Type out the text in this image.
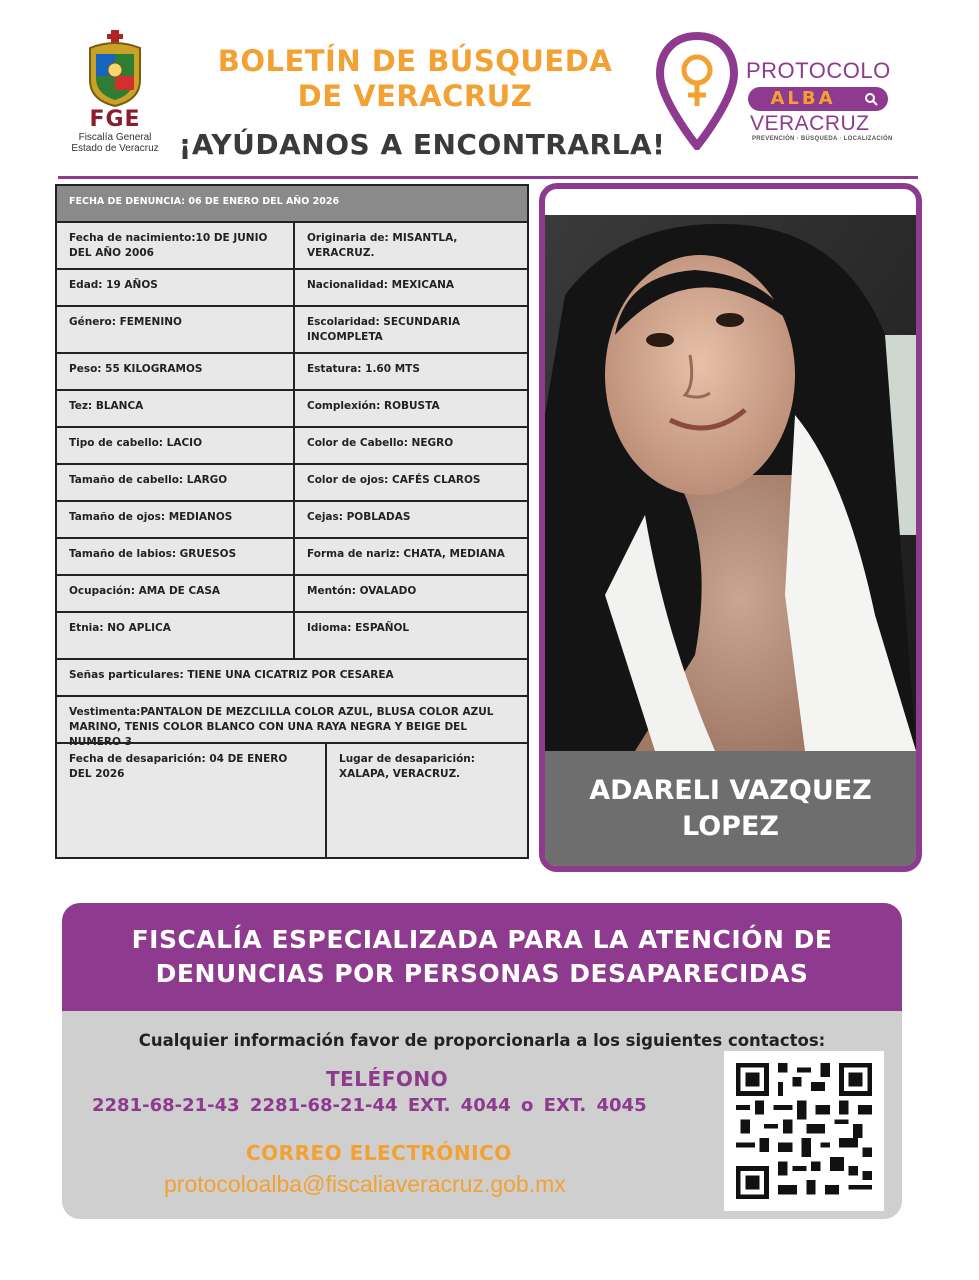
FGE
Fiscalía General
Estado de Veracruz
BOLETÍN DE BÚSQUEDA
DE VERACRUZ
¡AYÚDANOS A ENCONTRARLA!
PROTOCOLO
ALBA
VERACRUZ
PREVENCIÓN · BÚSQUEDA · LOCALIZACIÓN
FECHA DE DENUNCIA: 06 DE ENERO DEL AÑO 2026
Fecha de nacimiento:10 DE JUNIO DEL AÑO 2006
Originaria de: MISANTLA, VERACRUZ.
Edad: 19 AÑOS	Nacionalidad: MEXICANA
Género: FEMENINO	Escolaridad: SECUNDARIA INCOMPLETA
Peso: 55 KILOGRAMOS	Estatura: 1.60 MTS
Tez: BLANCA	Complexión: ROBUSTA
Tipo de cabello: LACIO	Color de Cabello: NEGRO
Tamaño de cabello: LARGO	Color de ojos: CAFÉS CLAROS
Tamaño de ojos: MEDIANOS	Cejas: POBLADAS
Tamaño de labios: GRUESOS	Forma de nariz: CHATA, MEDIANA
Ocupación: AMA DE CASA	Mentón: OVALADO
Etnia: NO APLICA	Idioma: ESPAÑOL
Señas particulares: TIENE UNA CICATRIZ POR CESAREA
Vestimenta:PANTALON DE MEZCLILLA COLOR AZUL, BLUSA COLOR AZUL MARINO, TENIS COLOR BLANCO CON UNA RAYA NEGRA Y BEIGE DEL NUMERO 3
Fecha de desaparición: 04 DE ENERO DEL 2026
Lugar de desaparición: XALAPA, VERACRUZ.
ADARELI VAZQUEZ LOPEZ
FISCALÍA ESPECIALIZADA PARA LA ATENCIÓN DE DENUNCIAS POR PERSONAS DESAPARECIDAS
Cualquier información favor de proporcionarla a los siguientes contactos:
TELÉFONO
2281-68-21-43 2281-68-21-44 EXT. 4044 o EXT. 4045
CORREO ELECTRÓNICO
protocoloalba@fiscaliaveracruz.gob.mx
